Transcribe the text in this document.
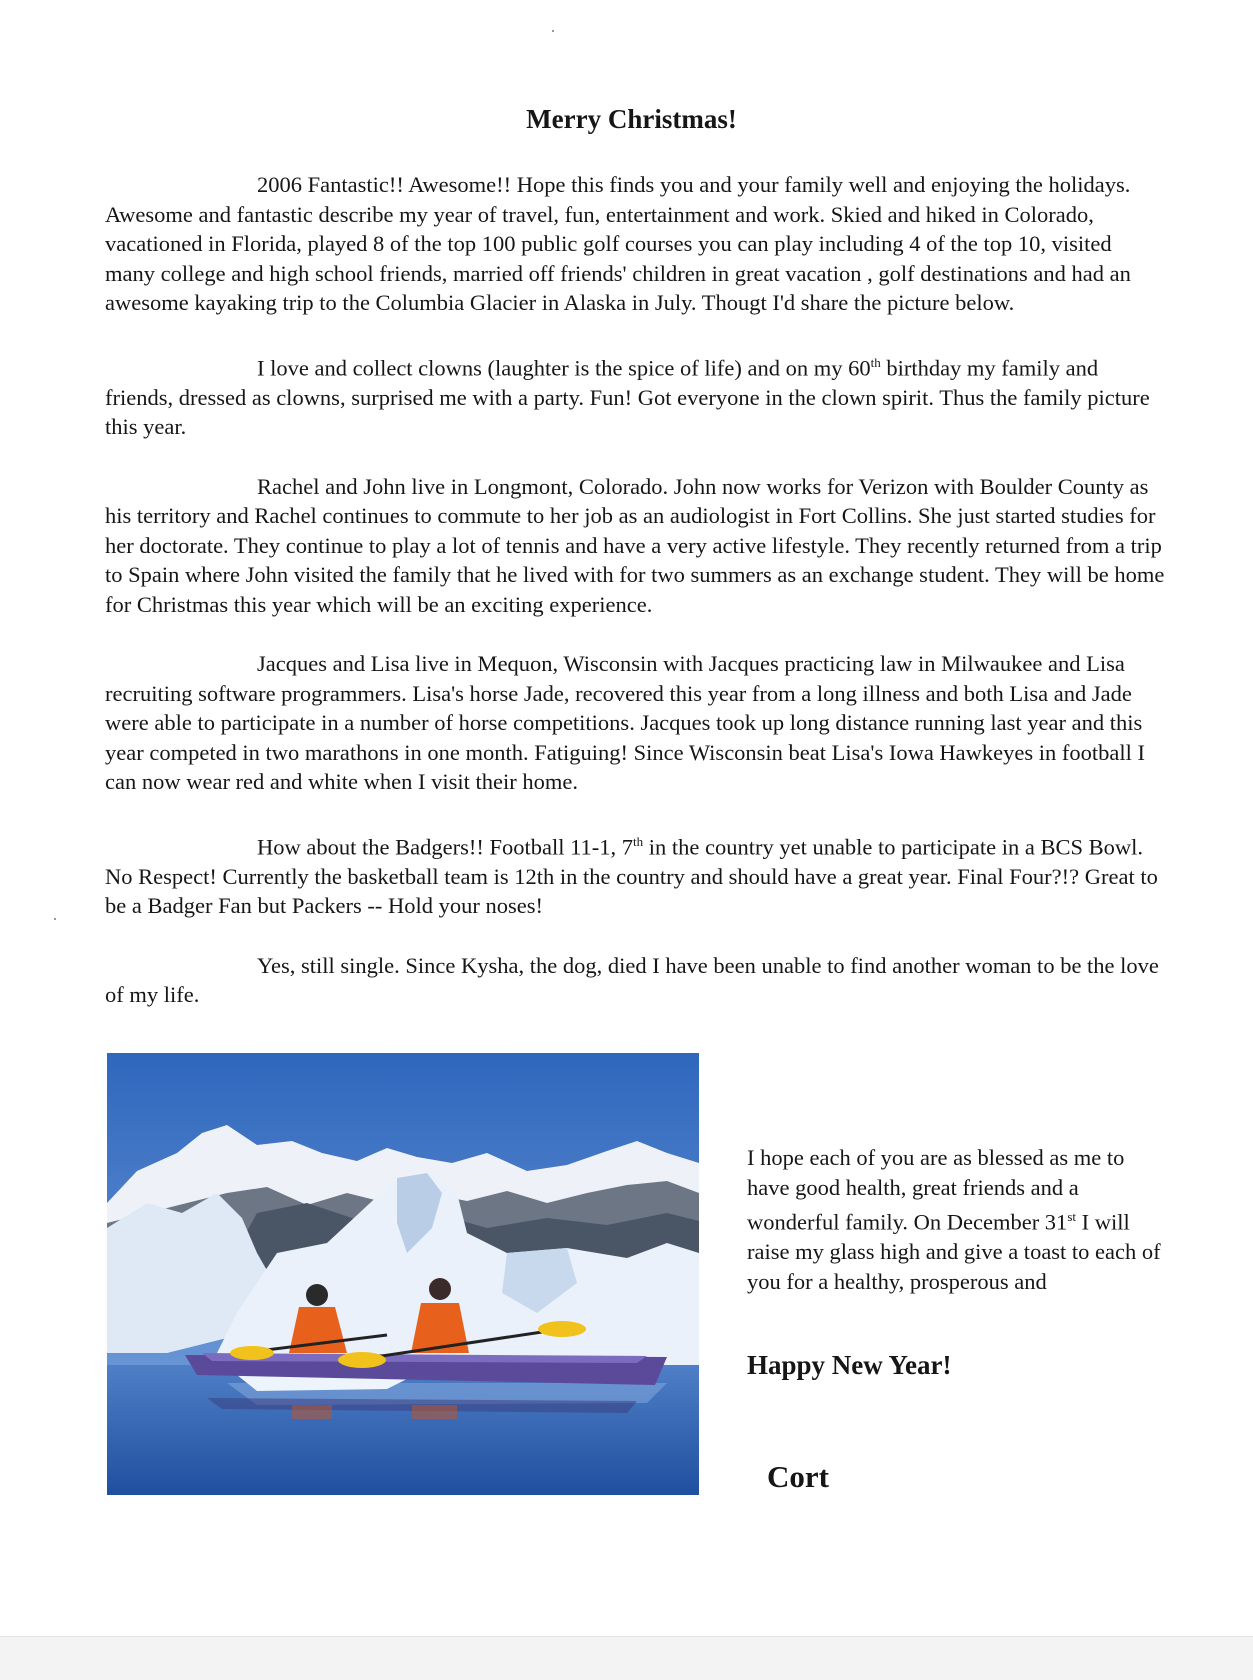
Merry Christmas!

2006 Fantastic!! Awesome!! Hope this finds you and your family well and enjoying the holidays. Awesome and fantastic describe my year of travel, fun, entertainment and work. Skied and hiked in Colorado, vacationed in Florida, played 8 of the top 100 public golf courses you can play including 4 of the top 10, visited many college and high school friends, married off friends' children in great vacation , golf destinations and had an awesome kayaking trip to the Columbia Glacier in Alaska in July. Thougt I'd share the picture below.

I love and collect clowns (laughter is the spice of life) and on my 60th birthday my family and friends, dressed as clowns, surprised me with a party. Fun! Got everyone in the clown spirit. Thus the family picture this year.

Rachel and John live in Longmont, Colorado. John now works for Verizon with Boulder County as his territory and Rachel continues to commute to her job as an audiologist in Fort Collins. She just started studies for her doctorate. They continue to play a lot of tennis and have a very active lifestyle. They recently returned from a trip to Spain where John visited the family that he lived with for two summers as an exchange student. They will be home for Christmas this year which will be an exciting experience.

Jacques and Lisa live in Mequon, Wisconsin with Jacques practicing law in Milwaukee and Lisa recruiting software programmers. Lisa's horse Jade, recovered this year from a long illness and both Lisa and Jade were able to participate in a number of horse competitions. Jacques took up long distance running last year and this year competed in two marathons in one month. Fatiguing! Since Wisconsin beat Lisa's Iowa Hawkeyes in football I can now wear red and white when I visit their home.

How about the Badgers!! Football 11-1, 7th in the country yet unable to participate in a BCS Bowl. No Respect! Currently the basketball team is 12th in the country and should have a great year. Final Four?!? Great to be a Badger Fan but Packers -- Hold your noses!

Yes, still single. Since Kysha, the dog, died I have been unable to find another woman to be the love of my life.

I hope each of you are as blessed as me to have good health, great friends and a wonderful family. On December 31st I will raise my glass high and give a toast to each of you for a healthy, prosperous and

Happy New Year!
Cort
